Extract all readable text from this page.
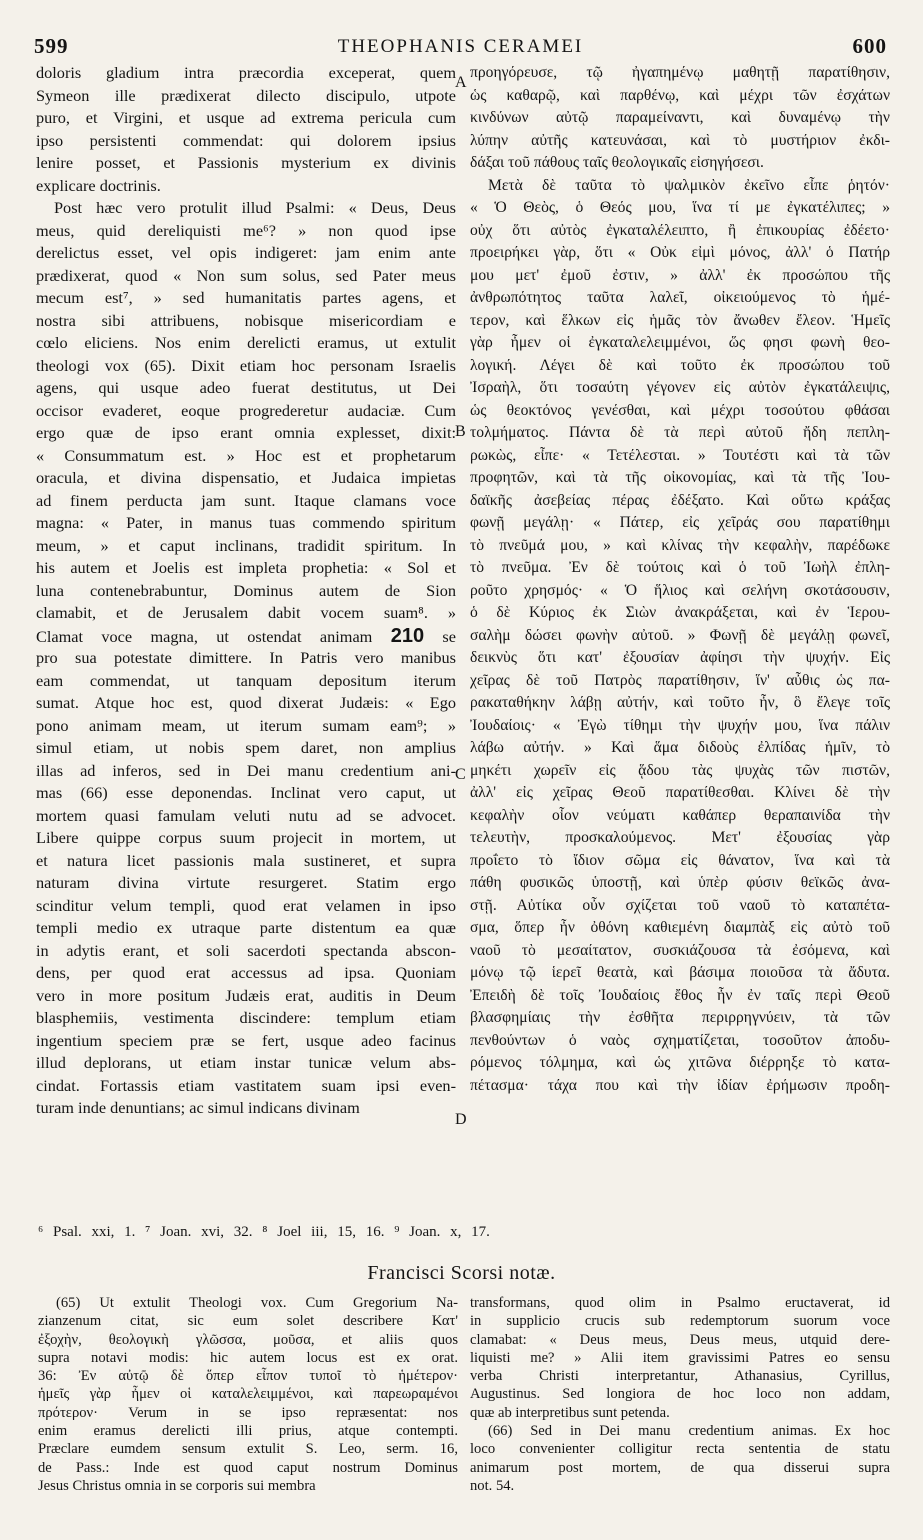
599	THEOPHANIS CERAMEI	600
doloris gladium intra præcordia exceperat, quem
Symeon ille prædixerat dilecto discipulo, utpote
puro, et Virgini, et usque ad extrema pericula cum
ipso persistenti commendat: qui dolorem ipsius
lenire posset, et Passionis mysterium ex divinis
explicare doctrinis.
Post hæc vero protulit illud Psalmi: « Deus, Deus
meus, quid dereliquisti me⁶? » non quod ipse
derelictus esset, vel opis indigeret: jam enim ante
prædixerat, quod « Non sum solus, sed Pater meus
mecum est⁷, » sed humanitatis partes agens, et
nostra sibi attribuens, nobisque misericordiam e
cœlo eliciens. Nos enim derelicti eramus, ut extulit
theologi vox (65). Dixit etiam hoc personam Israelis
agens, qui usque adeo fuerat destitutus, ut Dei
occisor evaderet, eoque progrederetur audaciæ. Cum
ergo quæ de ipso erant omnia explesset, dixit:
« Consummatum est. » Hoc est et prophetarum
oracula, et divina dispensatio, et Judaica impietas
ad finem perducta jam sunt. Itaque clamans voce
magna: « Pater, in manus tuas commendo spiritum
meum, » et caput inclinans, tradidit spiritum. In
his autem et Joelis est impleta prophetia: « Sol et
luna contenebrabuntur, Dominus autem de Sion
clamabit, et de Jerusalem dabit vocem suam⁸. »
Clamat voce magna, ut ostendat animam 210 se
pro sua potestate dimittere. In Patris vero manibus
eam commendat, ut tanquam depositum iterum
sumat. Atque hoc est, quod dixerat Judæis: « Ego
pono animam meam, ut iterum sumam eam⁹; »
simul etiam, ut nobis spem daret, non amplius
illas ad inferos, sed in Dei manu credentium ani-
mas (66) esse deponendas. Inclinat vero caput, ut
mortem quasi famulam veluti nutu ad se advocet.
Libere quippe corpus suum projecit in mortem, ut
et natura licet passionis mala sustineret, et supra
naturam divina virtute resurgeret. Statim ergo
scinditur velum templi, quod erat velamen in ipso
templi medio ex utraque parte distentum ea quæ
in adytis erant, et soli sacerdoti spectanda abscon-
dens, per quod erat accessus ad ipsa. Quoniam
vero in more positum Judæis erat, auditis in Deum
blasphemiis, vestimenta discindere: templum etiam
ingentium speciem præ se fert, usque adeo facinus
illud deplorans, ut etiam instar tunicæ velum abs-
cindat. Fortassis etiam vastitatem suam ipsi even-
turam inde denuntians; ac simul indicans divinam
προηγόρευσε, τῷ ἠγαπημένῳ μαθητῇ παρατίθησιν,
ὡς καθαρῷ, καὶ παρθένῳ, καὶ μέχρι τῶν ἐσχάτων
κινδύνων αὐτῷ παραμείναντι, καὶ δυναμένῳ τὴν
λύπην αὐτῆς κατευνάσαι, καὶ τὸ μυστήριον ἐκδι-
δάξαι τοῦ πάθους ταῖς θεολογικαῖς εἰσηγήσεσι.
Μετὰ δὲ ταῦτα τὸ ψαλμικὸν ἐκεῖνο εἶπε ῥητόν·
« Ὁ Θεὸς, ὁ Θεός μου, ἵνα τί με ἐγκατέλιπες; »
οὐχ ὅτι αὐτὸς ἐγκαταλέλειπτο, ἢ ἐπικουρίας ἐδέετο·
προειρήκει γὰρ, ὅτι « Οὐκ εἰμὶ μόνος, ἀλλ' ὁ Πατήρ
μου μετ' ἐμοῦ ἐστιν, » ἀλλ' ἐκ προσώπου τῆς
ἀνθρωπότητος ταῦτα λαλεῖ, οἰκειούμενος τὸ ἡμέ-
τερον, καὶ ἕλκων εἰς ἡμᾶς τὸν ἄνωθεν ἔλεον. Ἡμεῖς
γὰρ ἦμεν οἱ ἐγκαταλελειμμένοι, ὥς φησι φωνὴ θεο-
λογική. Λέγει δὲ καὶ τοῦτο ἐκ προσώπου τοῦ
Ἰσραὴλ, ὅτι τοσαύτη γέγονεν εἰς αὐτὸν ἐγκατάλειψις,
ὡς θεοκτόνος γενέσθαι, καὶ μέχρι τοσούτου φθάσαι
τολμήματος. Πάντα δὲ τὰ περὶ αὐτοῦ ἤδη πεπλη-
ρωκὼς, εἶπε· « Τετέλεσται. » Τουτέστι καὶ τὰ τῶν
προφητῶν, καὶ τὰ τῆς οἰκονομίας, καὶ τὰ τῆς Ἰου-
δαϊκῆς ἀσεβείας πέρας ἐδέξατο. Καὶ οὕτω κράξας
φωνῇ μεγάλῃ· « Πάτερ, εἰς χεῖράς σου παρατίθημι
τὸ πνεῦμά μου, » καὶ κλίνας τὴν κεφαλὴν, παρέδωκε
τὸ πνεῦμα. Ἐν δὲ τούτοις καὶ ὁ τοῦ Ἰωὴλ ἐπλη-
ροῦτο χρησμός· « Ὁ ἥλιος καὶ σελήνη σκοτάσουσιν,
ὁ δὲ Κύριος ἐκ Σιὼν ἀνακράξεται, καὶ ἐν Ἱερου-
σαλὴμ δώσει φωνὴν αὐτοῦ. » Φωνῇ δὲ μεγάλῃ φωνεῖ,
δεικνὺς ὅτι κατ' ἐξουσίαν ἀφίησι τὴν ψυχήν. Εἰς
χεῖρας δὲ τοῦ Πατρὸς παρατίθησιν, ἵν' αὖθις ὡς πα-
ρακαταθήκην λάβῃ αὐτήν, καὶ τοῦτο ἦν, ὃ ἔλεγε τοῖς
Ἰουδαίοις· « Ἐγὼ τίθημι τὴν ψυχήν μου, ἵνα πάλιν
λάβω αὐτήν. » Καὶ ἅμα διδοὺς ἐλπίδας ἡμῖν, τὸ
μηκέτι χωρεῖν εἰς ᾅδου τὰς ψυχὰς τῶν πιστῶν,
ἀλλ' εἰς χεῖρας Θεοῦ παρατίθεσθαι. Κλίνει δὲ τὴν
κεφαλὴν οἷον νεύματι καθάπερ θεραπαινίδα τὴν
τελευτὴν, προσκαλούμενος. Μετ' ἐξουσίας γὰρ
προΐετο τὸ ἴδιον σῶμα εἰς θάνατον, ἵνα καὶ τὰ
πάθη φυσικῶς ὑποστῇ, καὶ ὑπὲρ φύσιν θεϊκῶς ἀνα-
στῇ. Αὐτίκα οὖν σχίζεται τοῦ ναοῦ τὸ καταπέτα-
σμα, ὅπερ ἦν ὀθόνη καθιεμένη διαμπὰξ εἰς αὐτὸ τοῦ
ναοῦ τὸ μεσαίτατον, συσκιάζουσα τὰ ἐσόμενα, καὶ
μόνῳ τῷ ἱερεῖ θεατὰ, καὶ βάσιμα ποιοῦσα τὰ ἄδυτα.
Ἐπειδὴ δὲ τοῖς Ἰουδαίοις ἔθος ἦν ἐν ταῖς περὶ Θεοῦ
βλασφημίαις τὴν ἐσθῆτα περιρρηγνύειν, τὰ τῶν
πενθούντων ὁ ναὸς σχηματίζεται, τοσοῦτον ἀποδυ-
ρόμενος τόλμημα, καὶ ὡς χιτῶνα διέρρηξε τὸ κατα-
πέτασμα· τάχα που καὶ τὴν ἰδίαν ἐρήμωσιν προδη-
A
B
C
D
⁶ Psal. xxi, 1. ⁷ Joan. xvi, 32. ⁸ Joel iii, 15, 16. ⁹ Joan. x, 17.
Francisci Scorsi notæ.
(65) Ut extulit Theologi vox. Cum Gregorium Na-
zianzenum citat, sic eum solet describere Κατ'
ἐξοχὴν, θεολογικὴ γλῶσσα, μοῦσα, et aliis quos
supra notavi modis: hic autem locus est ex orat.
36: Ἐν αὐτῷ δὲ ὅπερ εἶπον τυποῖ τὸ ἡμέτερον·
ἡμεῖς γὰρ ἦμεν οἱ καταλελειμμένοι, καὶ παρεωραμένοι
πρότερον· Verum in se ipso repræsentat: nos
enim eramus derelicti illi prius, atque contempti.
Præclare eumdem sensum extulit S. Leo, serm. 16,
de Pass.: Inde est quod caput nostrum Dominus
Jesus Christus omnia in se corporis sui membra
transformans, quod olim in Psalmo eructaverat, id
in supplicio crucis sub redemptorum suorum voce
clamabat: « Deus meus, Deus meus, utquid dere-
liquisti me? » Alii item gravissimi Patres eo sensu
verba Christi interpretantur, Athanasius, Cyrillus,
Augustinus. Sed longiora de hoc loco non addam,
quæ ab interpretibus sunt petenda.
(66) Sed in Dei manu credentium animas. Ex hoc
loco convenienter colligitur recta sententia de statu
animarum post mortem, de qua disserui supra
not. 54.
